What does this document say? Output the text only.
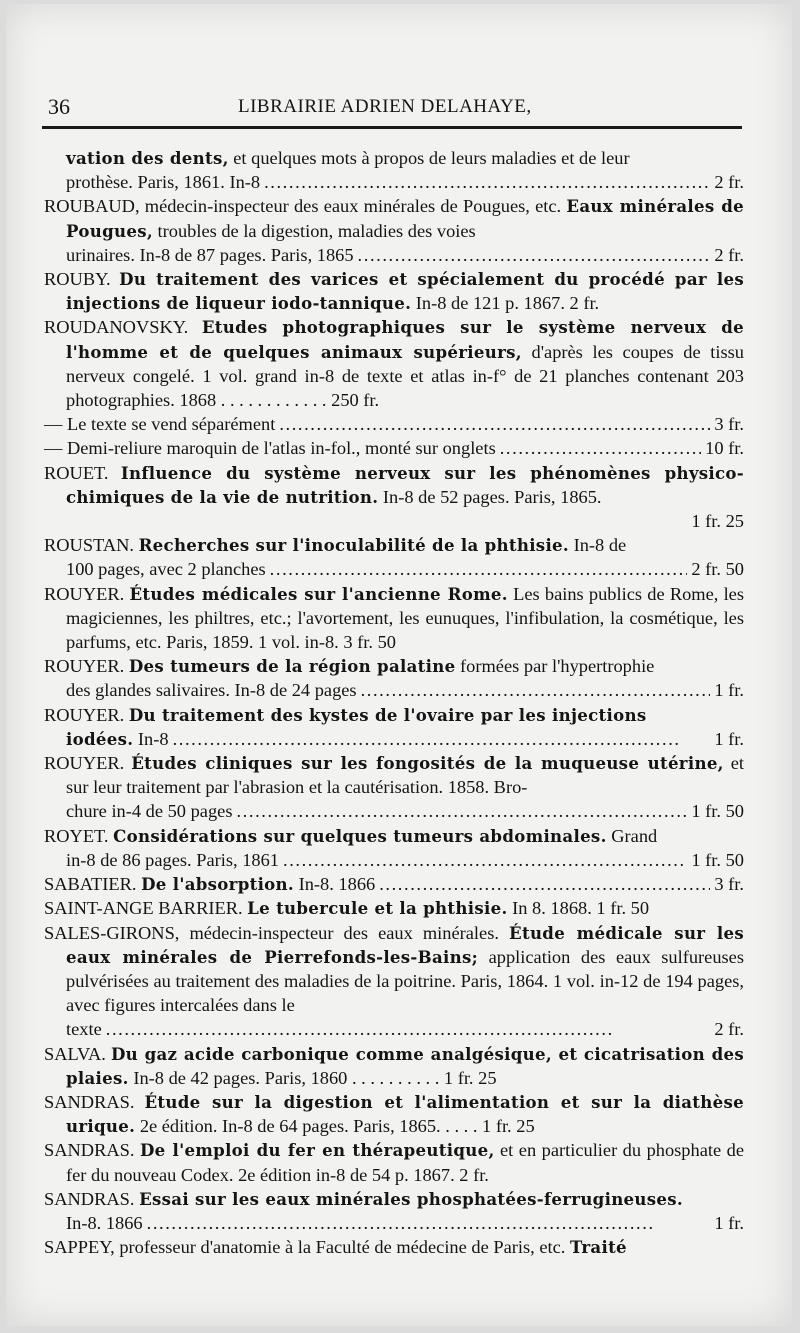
36	LIBRAIRIE ADRIEN DELAHAYE,
vation des dents, et quelques mots à propos de leurs maladies et de leur
prothèse. Paris, 1861. In-8 . . .	2 fr.
ROUBAUD, médecin-inspecteur des eaux minérales de Pougues, etc. Eaux minérales de Pougues, troubles de la digestion, maladies des voies
urinaires. In-8 de 87 pages. Paris, 1865 . . .	2 fr.
ROUBY. Du traitement des varices et spécialement du procédé par les injections de liqueur iodo-tannique. In-8 de 121 p. 1867. 2 fr.
ROUDANOVSKY. Etudes photographiques sur le système nerveux de l'homme et de quelques animaux supérieurs, d'après les coupes de tissu nerveux congelé. 1 vol. grand in-8 de texte et atlas in-f° de 21 planches contenant 203 photographies. 1868 . . . . . . . . . . . . 250 fr.
— Le texte se vend séparément . . .	3 fr.
— Demi-reliure maroquin de l'atlas in-fol., monté sur onglets . . .	10 fr.
ROUET. Influence du système nerveux sur les phénomènes physico-chimiques de la vie de nutrition. In-8 de 52 pages. Paris, 1865.
1 fr. 25
ROUSTAN. Recherches sur l'inoculabilité de la phthisie. In-8 de
100 pages, avec 2 planches . . .	2 fr. 50
ROUYER. Études médicales sur l'ancienne Rome. Les bains publics de Rome, les magiciennes, les philtres, etc.; l'avortement, les eunuques, l'infibulation, la cosmétique, les parfums, etc. Paris, 1859. 1 vol. in-8. 3 fr. 50
ROUYER. Des tumeurs de la région palatine formées par l'hypertrophie
des glandes salivaires. In-8 de 24 pages . . .	1 fr.
ROUYER. Du traitement des kystes de l'ovaire par les injections
iodées. In-8 . . .	1 fr.
ROUYER. Études cliniques sur les fongosités de la muqueuse utérine, et sur leur traitement par l'abrasion et la cautérisation. 1858. Bro-
chure in-4 de 50 pages . . .	1 fr. 50
ROYET. Considérations sur quelques tumeurs abdominales. Grand
in-8 de 86 pages. Paris, 1861 . . .	1 fr. 50
SABATIER. De l'absorption. In-8. 1866 . . .	3 fr.
SAINT-ANGE BARRIER. Le tubercule et la phthisie. In 8. 1868. 1 fr. 50
SALES-GIRONS, médecin-inspecteur des eaux minérales. Étude médicale sur les eaux minérales de Pierrefonds-les-Bains; application des eaux sulfureuses pulvérisées au traitement des maladies de la poitrine. Paris, 1864. 1 vol. in-12 de 194 pages, avec figures intercalées dans le
texte . . .	2 fr.
SALVA. Du gaz acide carbonique comme analgésique, et cicatrisation des plaies. In-8 de 42 pages. Paris, 1860 . . . . . . . . . . 1 fr. 25
SANDRAS. Étude sur la digestion et l'alimentation et sur la diathèse urique. 2e édition. In-8 de 64 pages. Paris, 1865. . . . . 1 fr. 25
SANDRAS. De l'emploi du fer en thérapeutique, et en particulier du phosphate de fer du nouveau Codex. 2e édition in-8 de 54 p. 1867. 2 fr.
SANDRAS. Essai sur les eaux minérales phosphatées-ferrugineuses.
In-8. 1866 . . .	1 fr.
SAPPEY, professeur d'anatomie à la Faculté de médecine de Paris, etc. Traité
